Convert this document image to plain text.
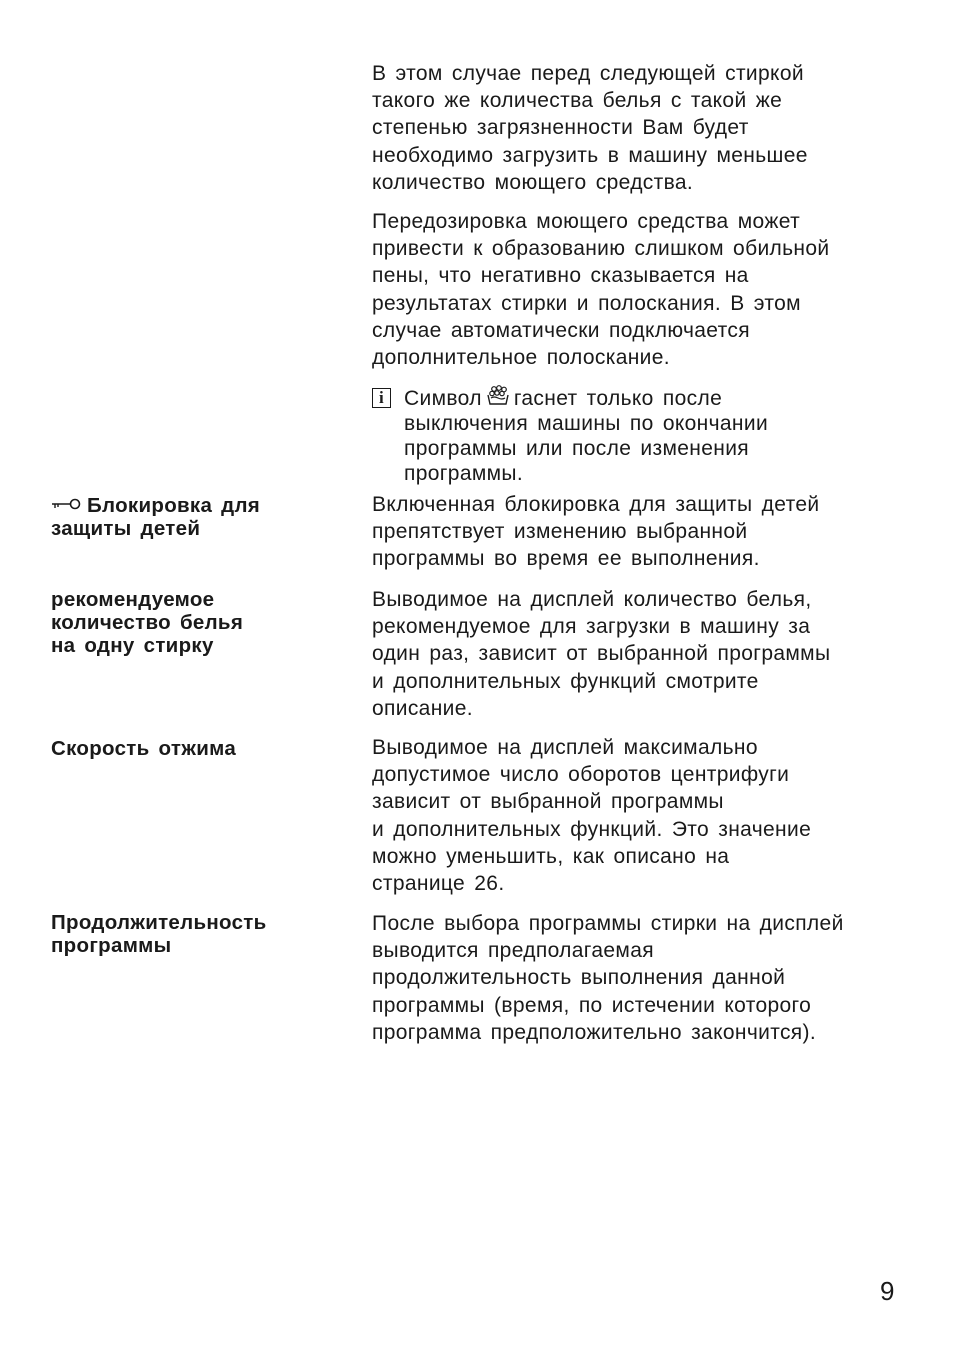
В этом случае перед следующей стиркой
такого же количества белья с такой же
степенью загрязненности Вам будет
необходимо загрузить в машину меньшее
количество моющего средства.

Передозировка моющего средства может
привести к образованию слишком обильной
пены, что негативно сказывается на
результатах стирки и полоскания. В этом
случае автоматически подключается
дополнительное полоскание.

i Символ гаснет только после
выключения машины по окончании
программы или после изменения
программы.
Блокировка для
защиты детей

Включенная блокировка для защиты детей
препятствует изменению выбранной
программы во время ее выполнения.

рекомендуемое
количество белья
на одну стирку

Выводимое на дисплей количество белья,
рекомендуемое для загрузки в машину за
один раз, зависит от выбранной программы
и дополнительных функций смотрите
описание.

Скорость отжима	Выводимое на дисплей максимально
допустимое число оборотов центрифуги
зависит от выбранной программы
и дополнительных функций. Это значение
можно уменьшить, как описано на
странице 26.

Продолжительность
программы

После выбора программы стирки на дисплей
выводится предполагаемая
продолжительность выполнения данной
программы (время, по истечении которого
программа предположительно закончится).

9
